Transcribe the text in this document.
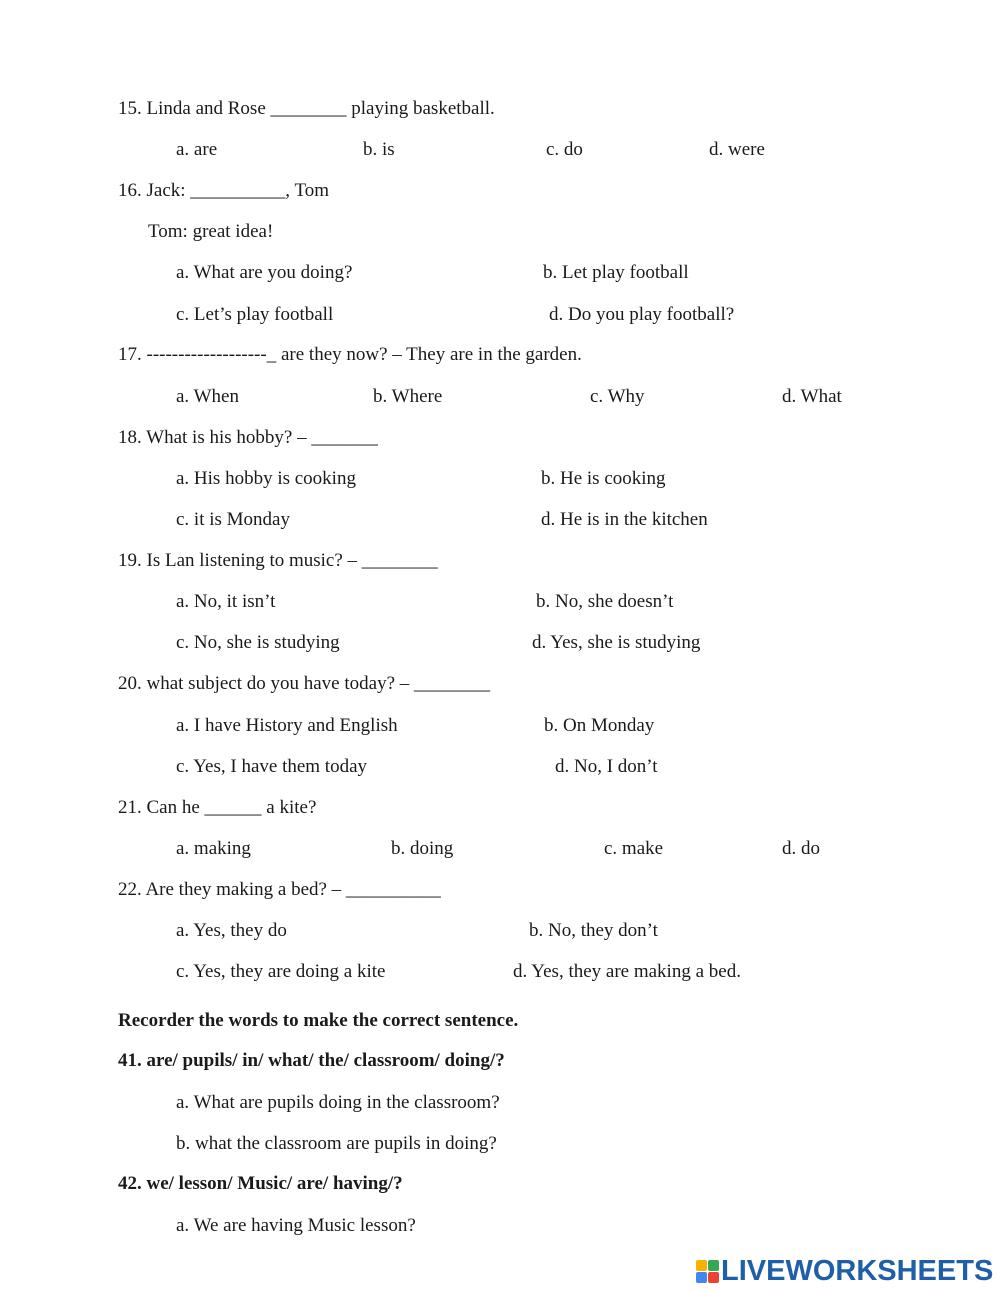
15. Linda and Rose ________ playing basketball.
a. are	b. is	c. do	d. were
16. Jack: __________, Tom
Tom: great idea!
a. What are you doing?	b. Let play football
c. Let’s play football	d. Do you play football?
17. -------------------_ are they now? – They are in the garden.
a. When	b. Where	c. Why	d. What
18. What is his hobby? – _______
a. His hobby is cooking	b. He is cooking
c. it is Monday	d. He is in the kitchen
19. Is Lan listening to music? – ________
a. No, it isn’t	b. No, she doesn’t
c. No, she is studying	d. Yes, she is studying
20. what subject do you have today? – ________
a. I have History and English	b. On Monday
c. Yes, I have them today	d. No, I don’t
21. Can he ______ a kite?
a. making	b. doing	c. make	d. do
22. Are they making a bed? – __________
a. Yes, they do	b. No, they don’t
c. Yes, they are doing a kite	d. Yes, they are making a bed.
Recorder the words to make the correct sentence.
41. are/ pupils/ in/ what/ the/ classroom/ doing/?
a. What are pupils doing in the classroom?
b. what the classroom are pupils in doing?
42. we/ lesson/ Music/ are/ having/?
a. We are having Music lesson?
LIVEWORKSHEETS
